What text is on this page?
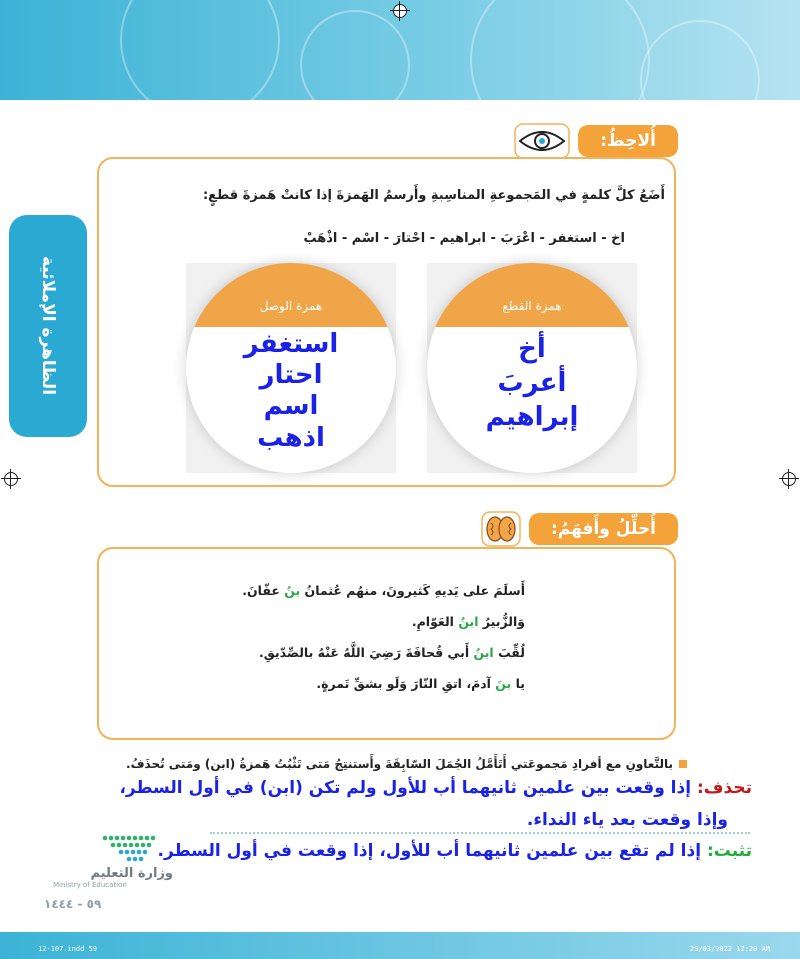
الظاهرة الإملائية
أُلاحِظُ:
أَضَعُ كلَّ كلمةٍ في المَجموعةِ المناسِبةِ وأَرسمُ الهَمزةَ إذا كانتْ هَمزةَ قطعٍ:
اخ - استغفر - اعْرَبَ - ابراهيم - احْتارَ - اسْم - اذْهَبْ
همزة القطع
أخ
أعربَ
إبراهيم
همزة الوصل
استغفر
احتار
اسم
اذهب
أُحلِّلُ وأَفهَمُ:
أَسلَمَ على يَديهِ كَثيرونَ، منهُم عُثمانُ بنُ عفّانَ.
وَالزُّبيرُ ابنُ العَوّامِ.
لُقِّبَ ابنُ أَبي قُحافَةَ رَضِيَ اللَّهُ عَنْهُ بالصِّدّيقِ.
يا بنَ آدمَ، اتقِ النّارَ وَلَو بشقِّ تَمرةٍ.
بالتَّعاونِ مع أفرادِ مَجموعَتي أَتَأَمَّلُ الجُمَلَ السّابِقَةَ وأَستنتِجُ مَتى تَثْبُتُ هَمزةُ (ابن) ومَتى تُحذَفُ.
تحذف: إذا وقعت بين علمين ثانيهما أب للأول ولم تكن (ابن) في أول السطر،
وإذا وقعت بعد ياء النداء.
تثبت: إذا لم تقع بين علمين ثانيهما أب للأول، إذا وقعت في أول السطر.
وزارة التعليم
Ministry of Education
٥٩ - ١٤٤٤
12-107.indd 59	29/03/2022 12:20 AM
